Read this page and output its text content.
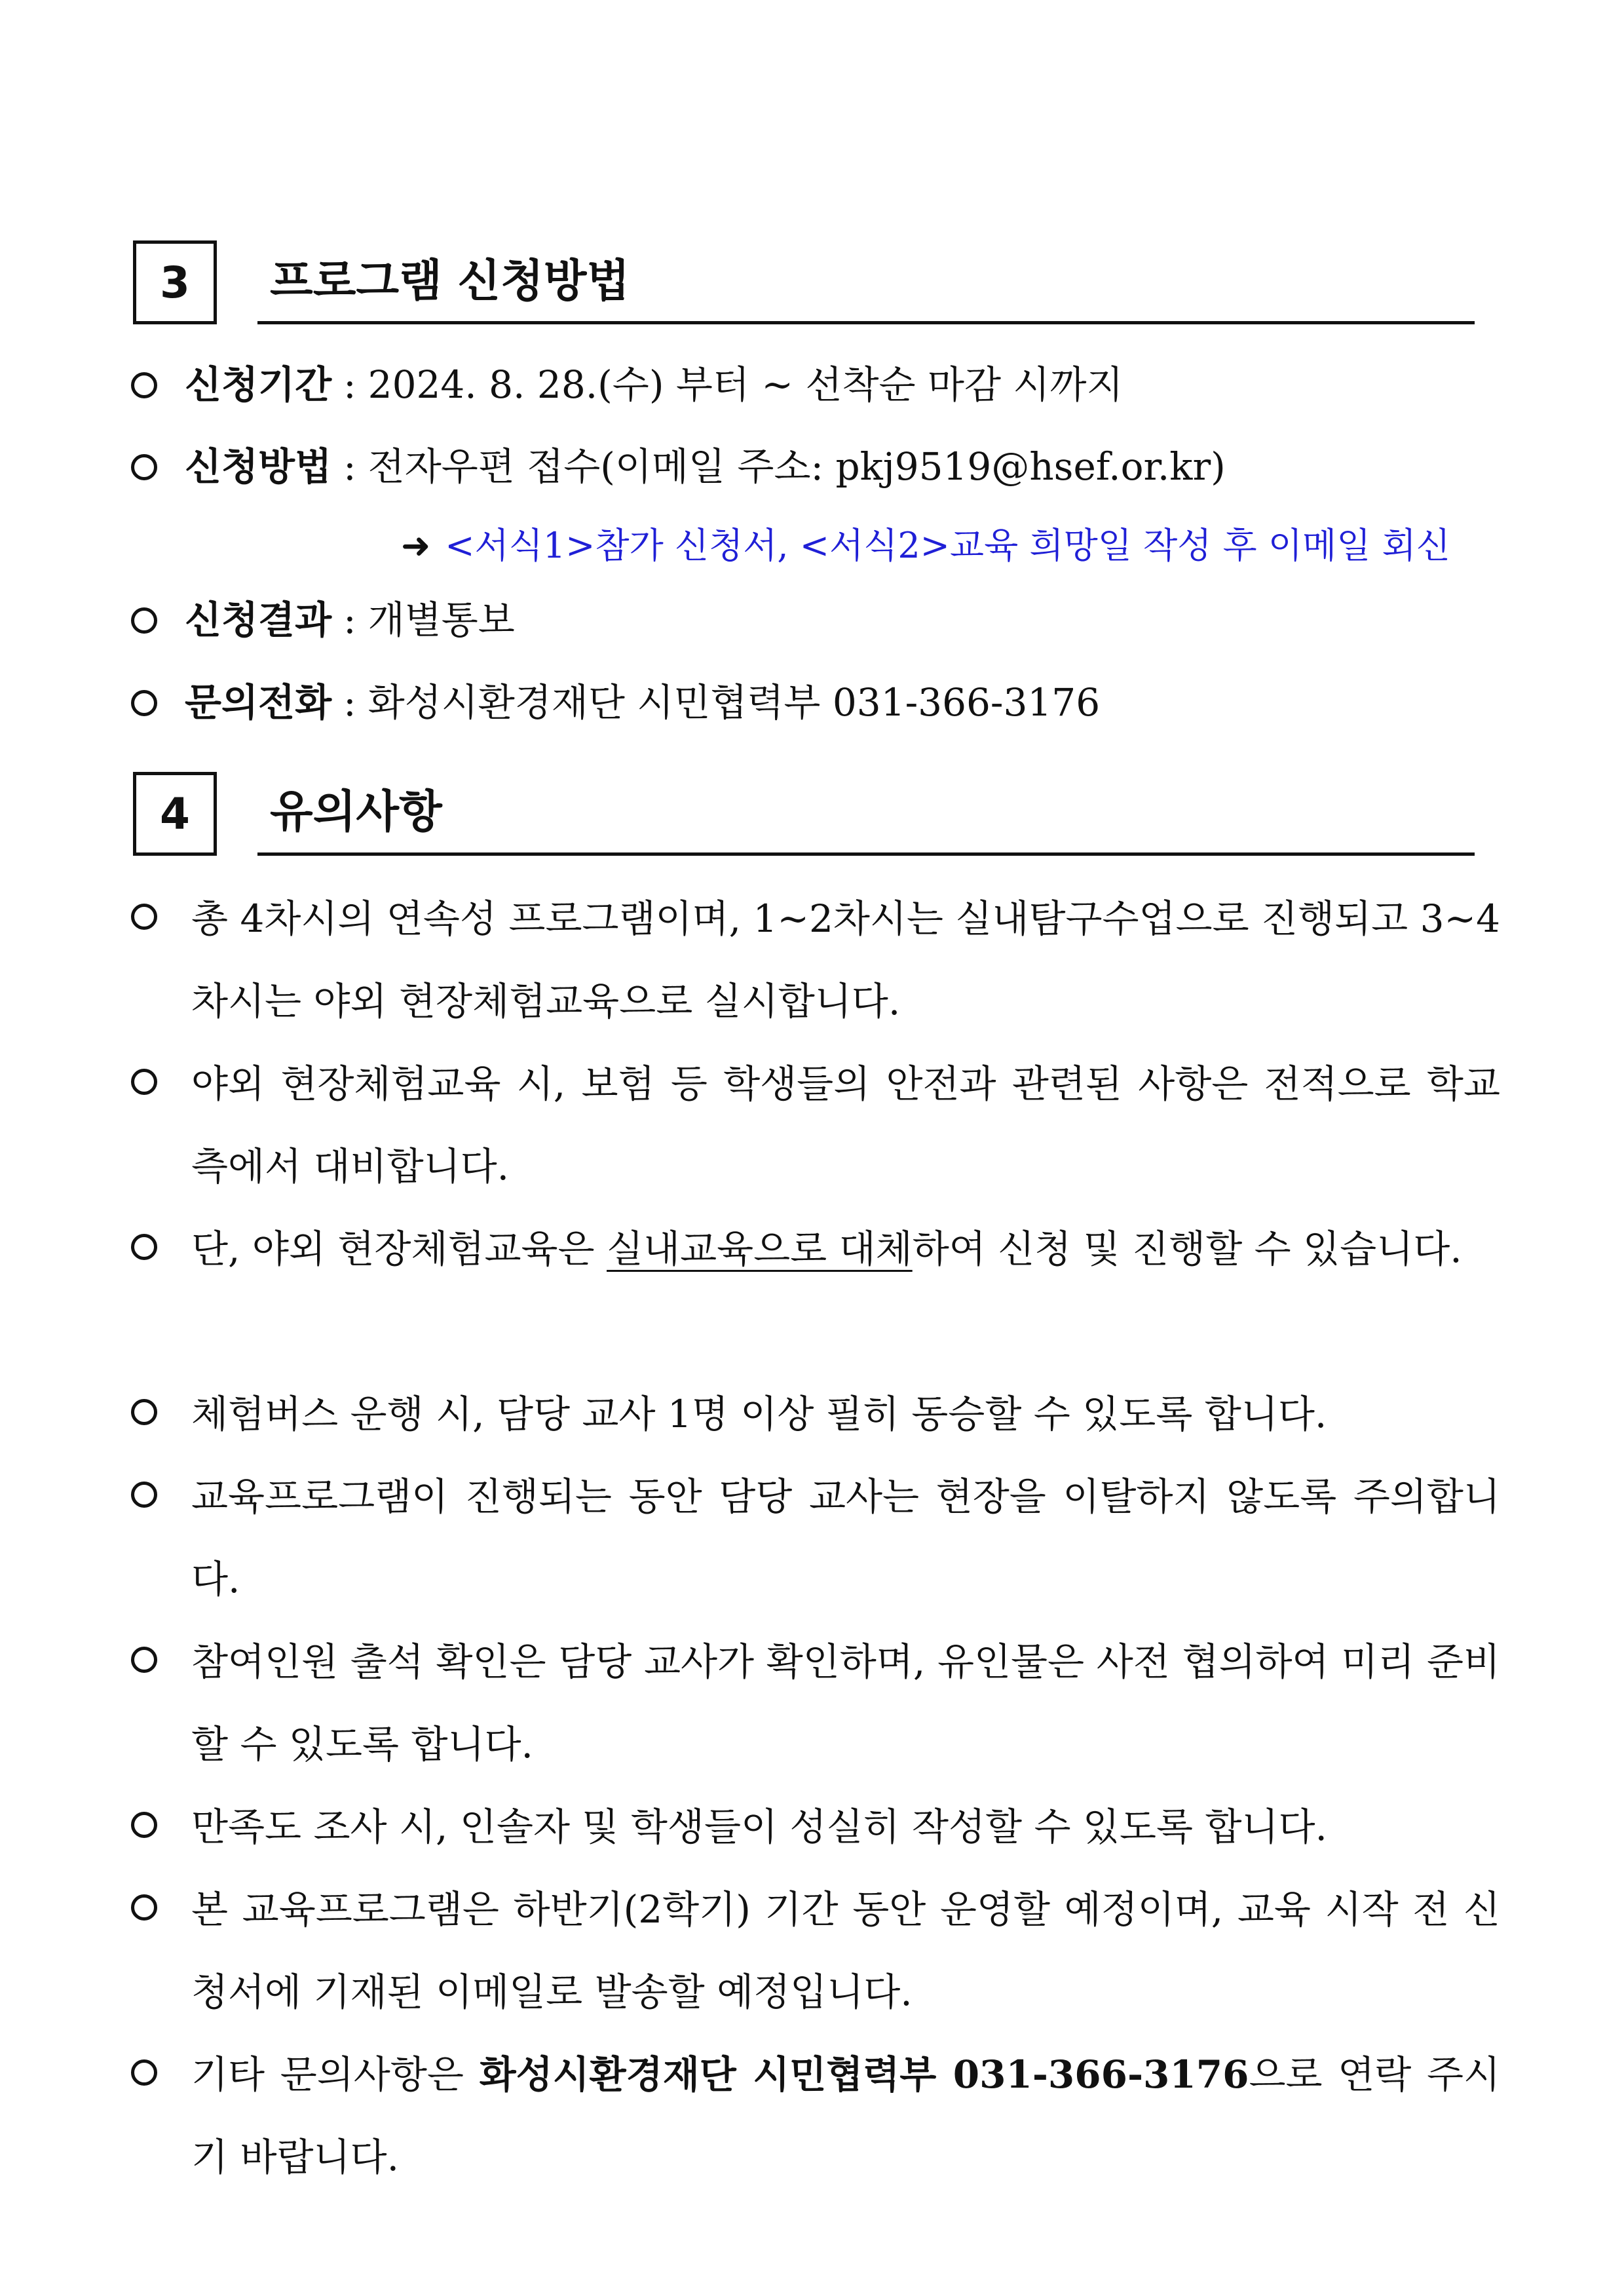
3 프로그램 신청방법
신청기간 : 2024. 8. 28.(수) 부터 ~ 선착순 마감 시까지
신청방법 : 전자우편 접수(이메일 주소: pkj9519@hsef.or.kr)
➜ <서식1>참가 신청서, <서식2>교육 희망일 작성 후 이메일 회신
신청결과 : 개별통보
문의전화 : 화성시환경재단 시민협력부 031-366-3176
4 유의사항
총 4차시의 연속성 프로그램이며, 1~2차시는 실내탐구수업으로 진행되고 3~4차시는 야외 현장체험교육으로 실시합니다.
야외 현장체험교육 시, 보험 등 학생들의 안전과 관련된 사항은 전적으로 학교 측에서 대비합니다.
단, 야외 현장체험교육은 실내교육으로 대체하여 신청 및 진행할 수 있습니다.
체험버스 운행 시, 담당 교사 1명 이상 필히 동승할 수 있도록 합니다.
교육프로그램이 진행되는 동안 담당 교사는 현장을 이탈하지 않도록 주의합니다.
참여인원 출석 확인은 담당 교사가 확인하며, 유인물은 사전 협의하여 미리 준비할 수 있도록 합니다.
만족도 조사 시, 인솔자 및 학생들이 성실히 작성할 수 있도록 합니다.
본 교육프로그램은 하반기(2학기) 기간 동안 운영할 예정이며, 교육 시작 전 신청서에 기재된 이메일로 발송할 예정입니다.
기타 문의사항은 화성시환경재단 시민협력부 031-366-3176으로 연락 주시기 바랍니다.
